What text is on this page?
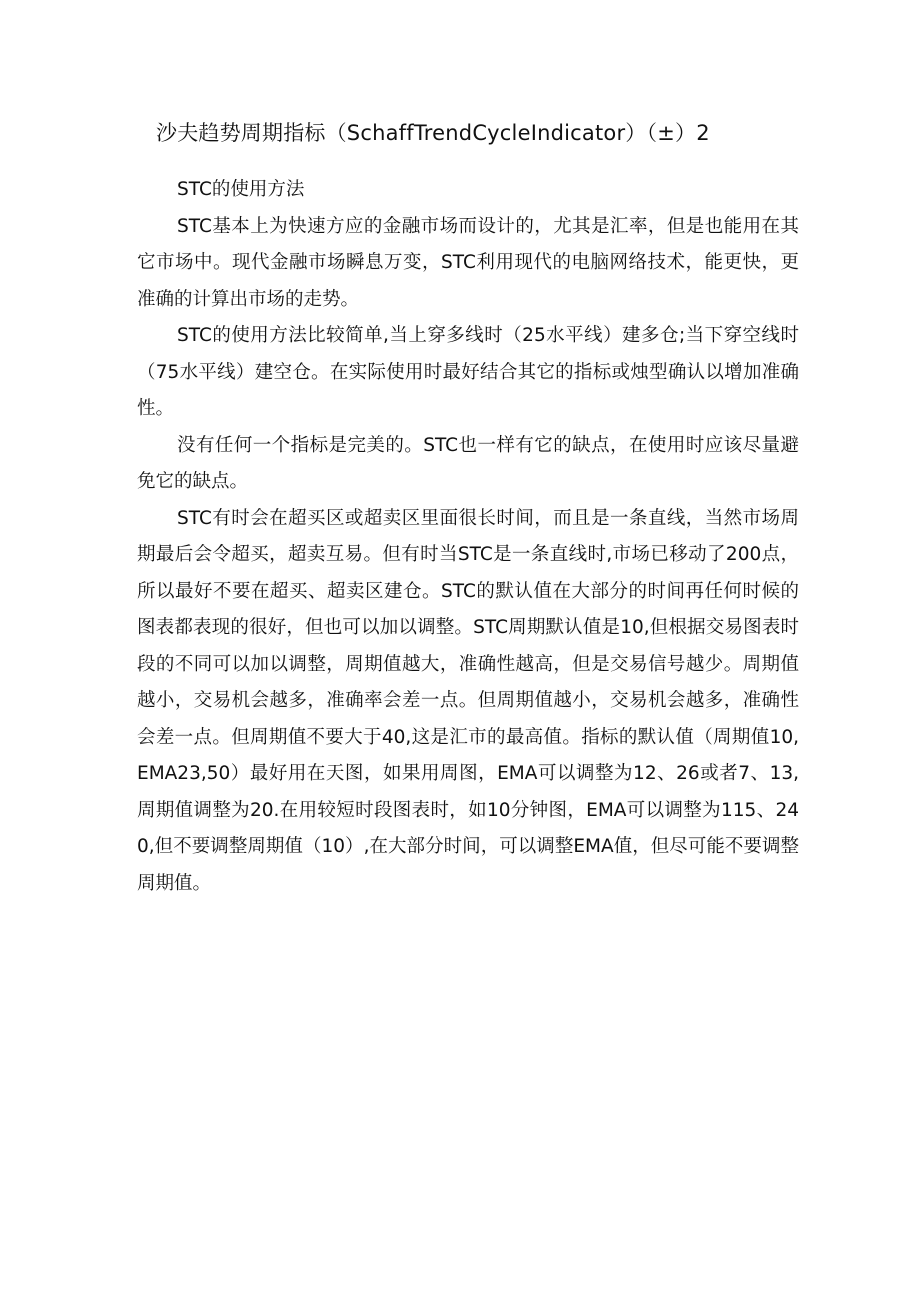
沙夫趋势周期指标（SchaffTrendCycleIndicator）（±）2

STC的使用方法

STC基本上为快速方应的金融市场而设计的，尤其是汇率，但是也能用在其它市场中。现代金融市场瞬息万变，STC利用现代的电脑网络技术，能更快，更准确的计算出市场的走势。

STC的使用方法比较简单,当上穿多线时（25水平线）建多仓;当下穿空线时（75水平线）建空仓。在实际使用时最好结合其它的指标或烛型确认以增加准确性。

没有任何一个指标是完美的。STC也一样有它的缺点，在使用时应该尽量避免它的缺点。

STC有时会在超买区或超卖区里面很长时间，而且是一条直线，当然市场周期最后会令超买，超卖互易。但有时当STC是一条直线时,市场已移动了200点，所以最好不要在超买、超卖区建仓。STC的默认值在大部分的时间再任何时候的图表都表现的很好，但也可以加以调整。STC周期默认值是10,但根据交易图表时段的不同可以加以调整，周期值越大，准确性越高，但是交易信号越少。周期值越小，交易机会越多，准确率会差一点。但周期值越小，交易机会越多，准确性会差一点。但周期值不要大于40,这是汇市的最高值。指标的默认值（周期值10,EMA23,50）最好用在天图，如果用周图，EMA可以调整为12、26或者7、13,周期值调整为20.在用较短时段图表时，如10分钟图，EMA可以调整为115、240,但不要调整周期值（10）,在大部分时间，可以调整EMA值，但尽可能不要调整周期值。
